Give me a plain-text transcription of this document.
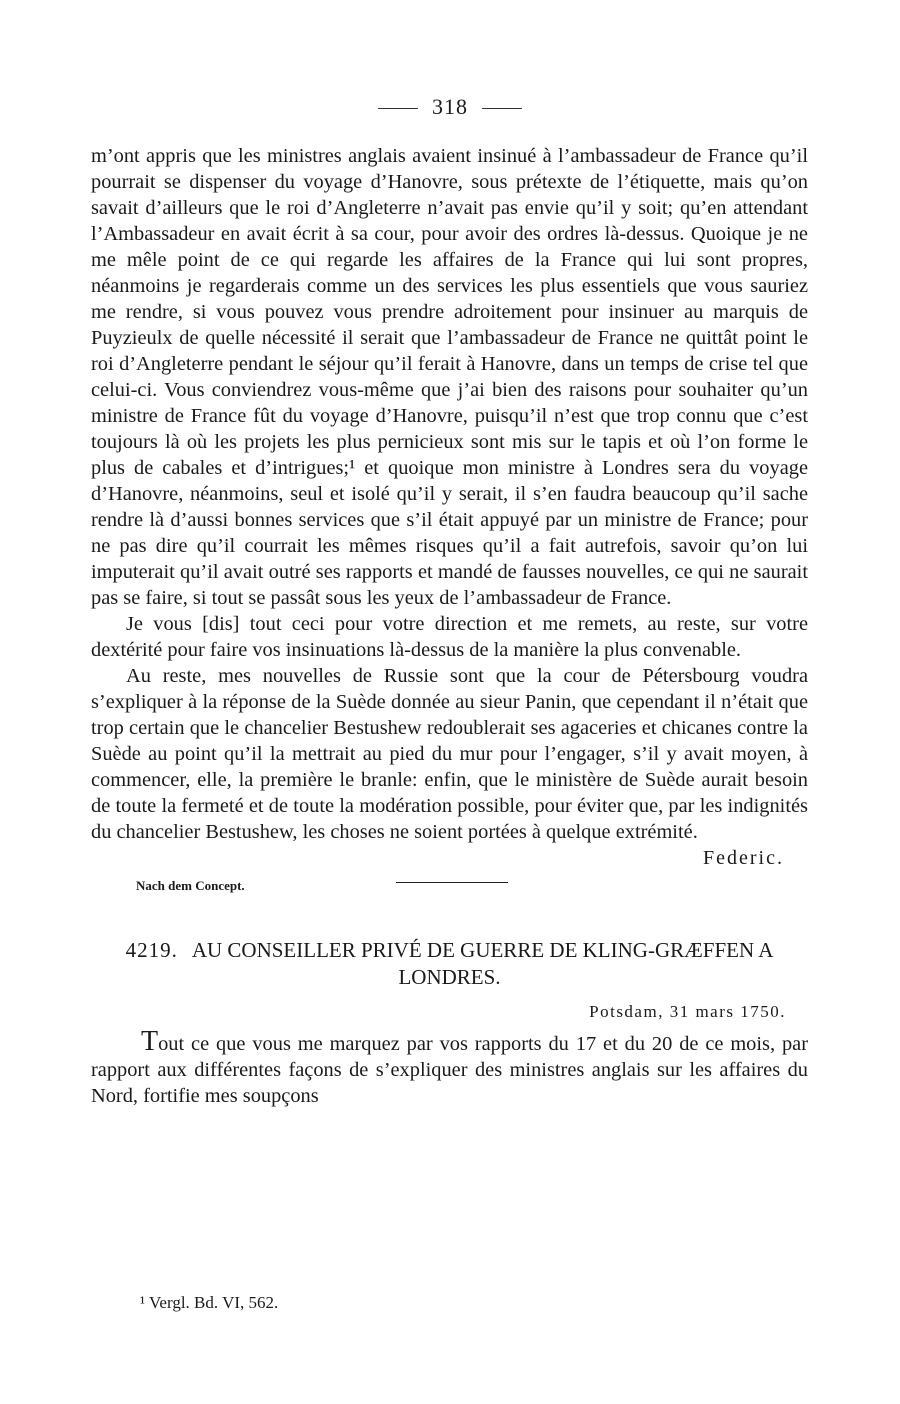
318

m’ont appris que les ministres anglais avaient insinué à l’ambassadeur de France qu’il pourrait se dispenser du voyage d’Hanovre, sous prétexte de l’étiquette, mais qu’on savait d’ailleurs que le roi d’Angleterre n’avait pas envie qu’il y soit; qu’en attendant l’Ambassadeur en avait écrit à sa cour, pour avoir des ordres là-dessus. Quoique je ne me mêle point de ce qui regarde les affaires de la France qui lui sont propres, néanmoins je regarderais comme un des services les plus essentiels que vous sauriez me rendre, si vous pouvez vous prendre adroitement pour insinuer au marquis de Puyzieulx de quelle nécessité il serait que l’ambassadeur de France ne quittât point le roi d’Angleterre pendant le séjour qu’il ferait à Hanovre, dans un temps de crise tel que celui-ci. Vous conviendrez vous-même que j’ai bien des raisons pour souhaiter qu’un ministre de France fût du voyage d’Hanovre, puisqu’il n’est que trop connu que c’est toujours là où les projets les plus pernicieux sont mis sur le tapis et où l’on forme le plus de cabales et d’intrigues;¹ et quoique mon ministre à Londres sera du voyage d’Hanovre, néanmoins, seul et isolé qu’il y serait, il s’en faudra beaucoup qu’il sache rendre là d’aussi bonnes services que s’il était appuyé par un ministre de France; pour ne pas dire qu’il courrait les mêmes risques qu’il a fait autrefois, savoir qu’on lui imputerait qu’il avait outré ses rapports et mandé de fausses nouvelles, ce qui ne saurait pas se faire, si tout se passât sous les yeux de l’ambassadeur de France.

Je vous [dis] tout ceci pour votre direction et me remets, au reste, sur votre dextérité pour faire vos insinuations là-dessus de la manière la plus convenable.

Au reste, mes nouvelles de Russie sont que la cour de Pétersbourg voudra s’expliquer à la réponse de la Suède donnée au sieur Panin, que cependant il n’était que trop certain que le chancelier Bestushew redoublerait ses agaceries et chicanes contre la Suède au point qu’il la mettrait au pied du mur pour l’engager, s’il y avait moyen, à commencer, elle, la première le branle: enfin, que le ministère de Suède aurait besoin de toute la fermeté et de toute la modération possible, pour éviter que, par les indignités du chancelier Bestushew, les choses ne soient portées à quelque extrémité.

Federic.
Nach dem Concept.
4219. AU CONSEILLER PRIVÉ DE GUERRE DE KLING-GRÆFFEN A LONDRES.
Potsdam, 31 mars 1750.

Tout ce que vous me marquez par vos rapports du 17 et du 20 de ce mois, par rapport aux différentes façons de s’expliquer des ministres anglais sur les affaires du Nord, fortifie mes soupçons

¹ Vergl. Bd. VI, 562.
